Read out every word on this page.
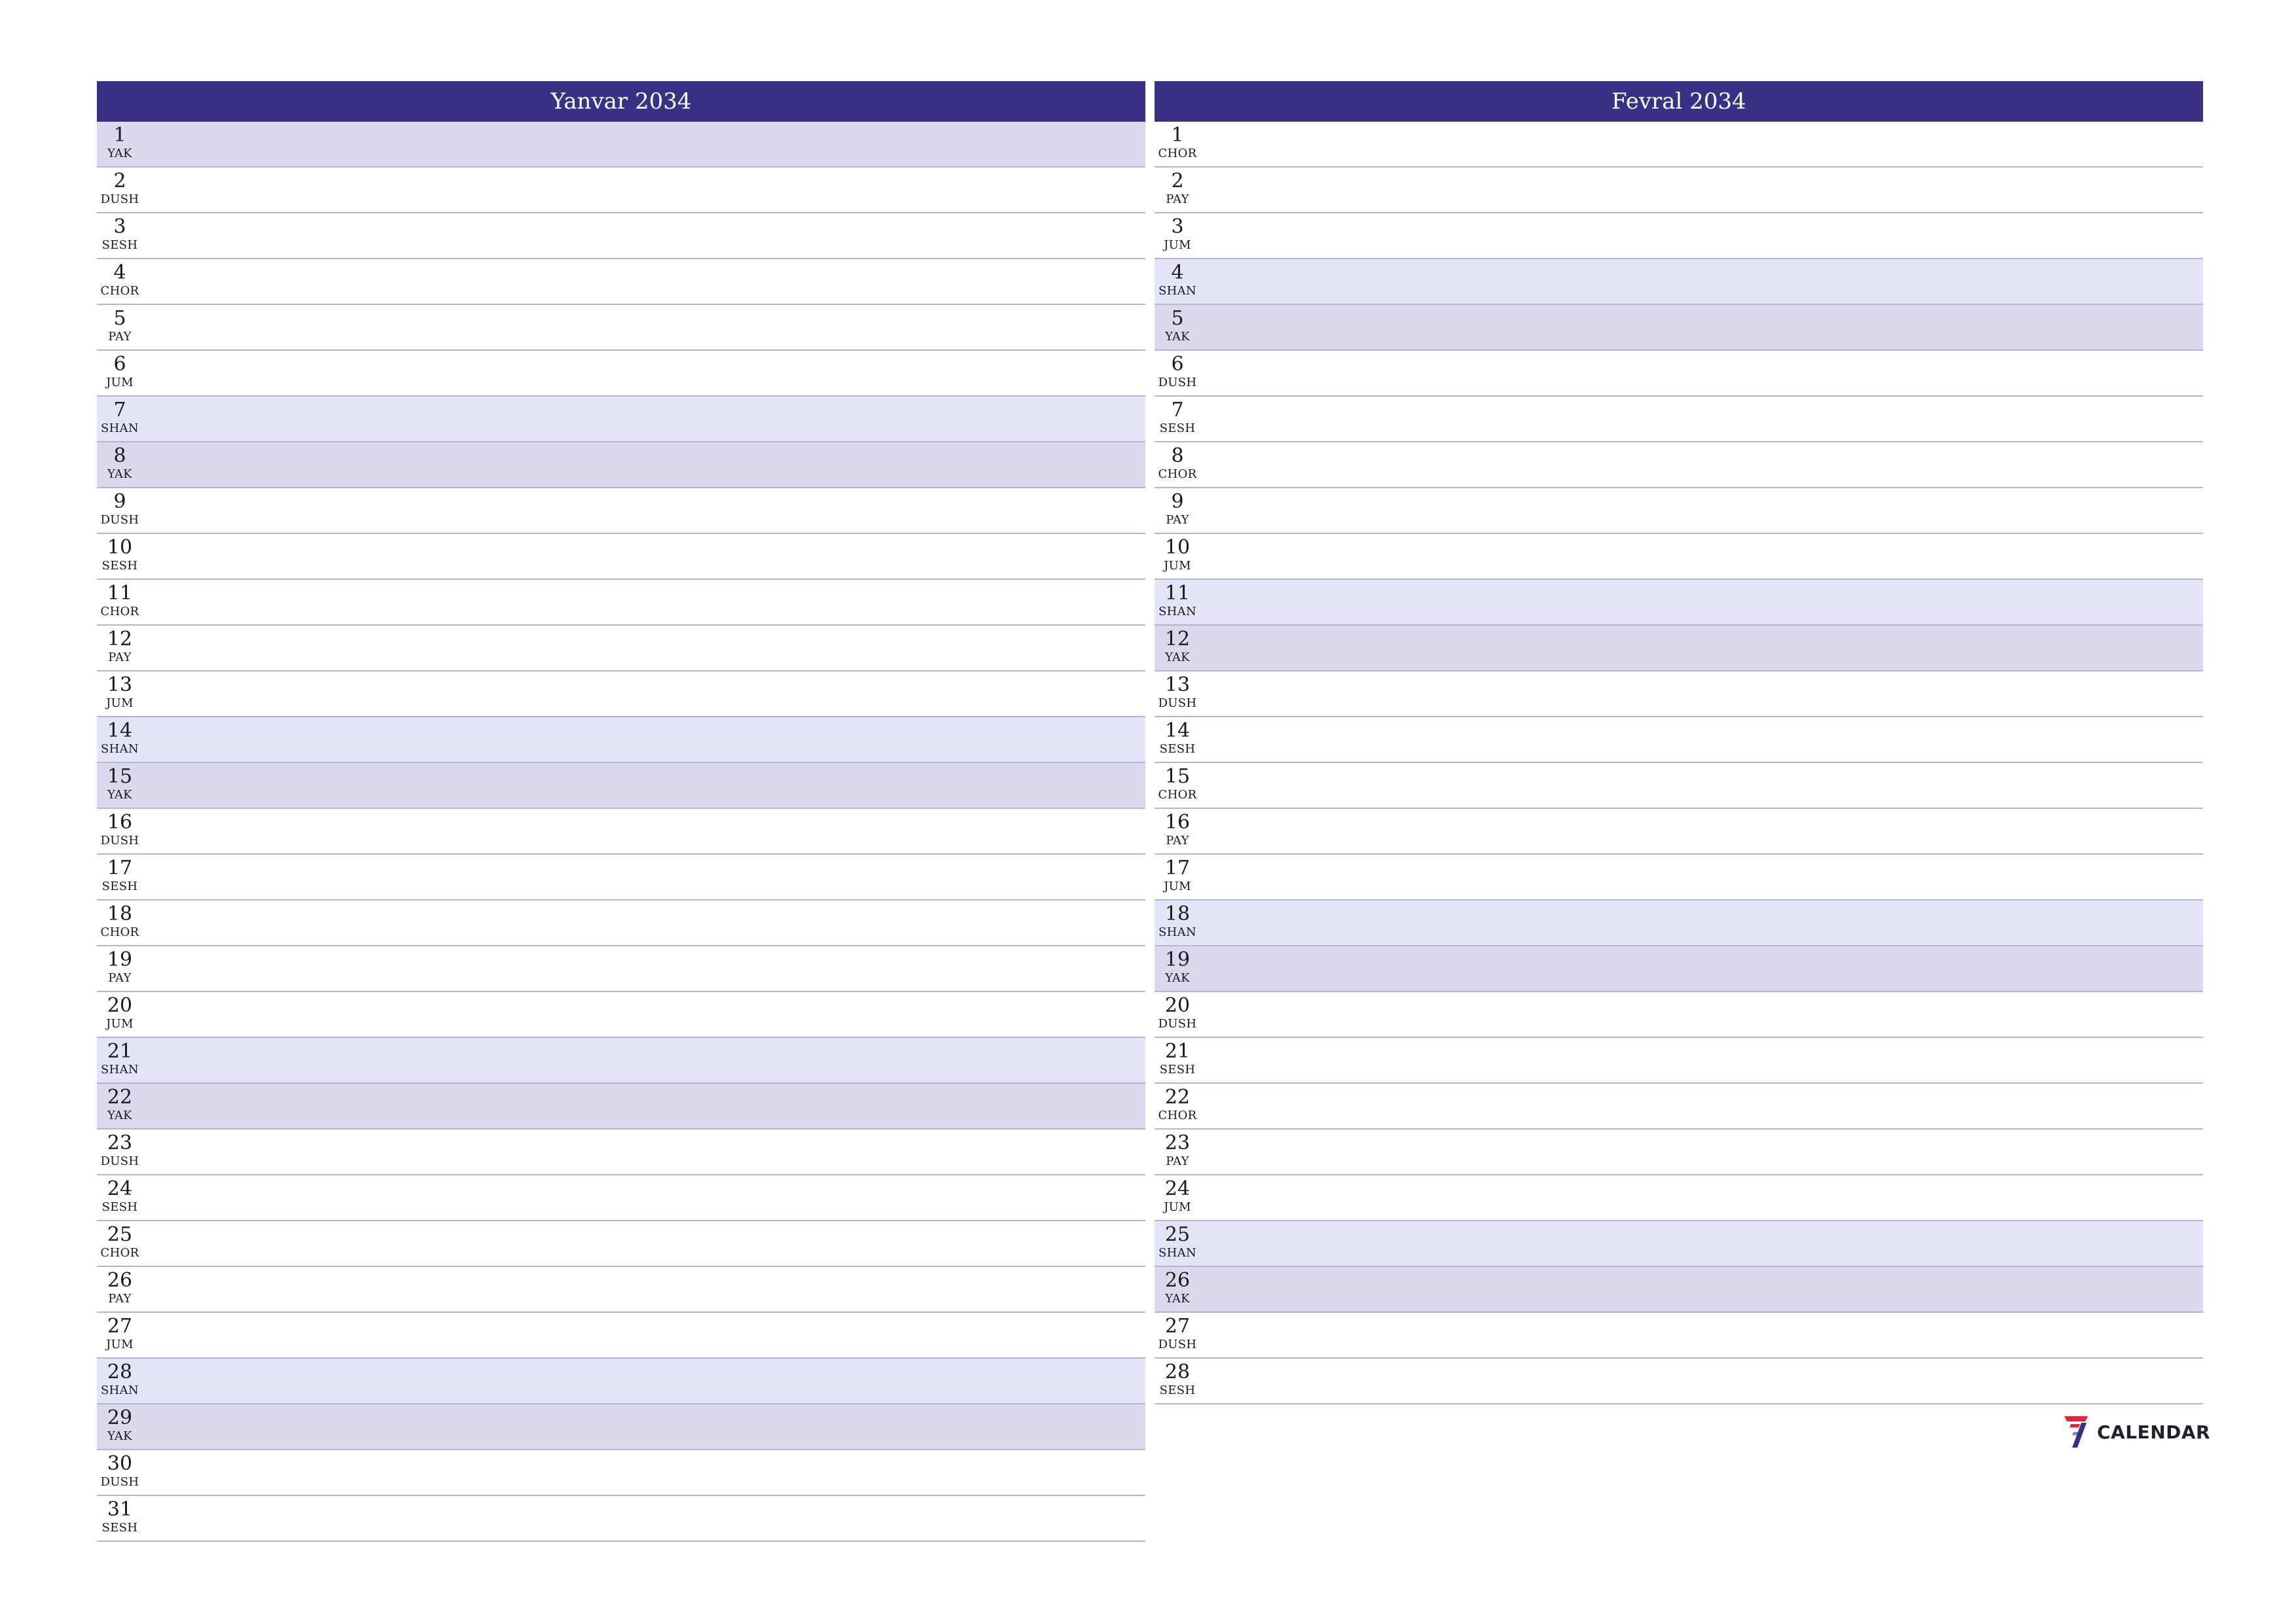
Yanvar 2034
1
YAK
2
DUSH
3
SESH
4
CHOR
5
PAY
6
JUM
7
SHAN
8
YAK
9
DUSH
10
SESH
11
CHOR
12
PAY
13
JUM
14
SHAN
15
YAK
16
DUSH
17
SESH
18
CHOR
19
PAY
20
JUM
21
SHAN
22
YAK
23
DUSH
24
SESH
25
CHOR
26
PAY
27
JUM
28
SHAN
29
YAK
30
DUSH
31
SESH
Fevral 2034
1
CHOR
2
PAY
3
JUM
4
SHAN
5
YAK
6
DUSH
7
SESH
8
CHOR
9
PAY
10
JUM
11
SHAN
12
YAK
13
DUSH
14
SESH
15
CHOR
16
PAY
17
JUM
18
SHAN
19
YAK
20
DUSH
21
SESH
22
CHOR
23
PAY
24
JUM
25
SHAN
26
YAK
27
DUSH
28
SESH
CALENDAR
